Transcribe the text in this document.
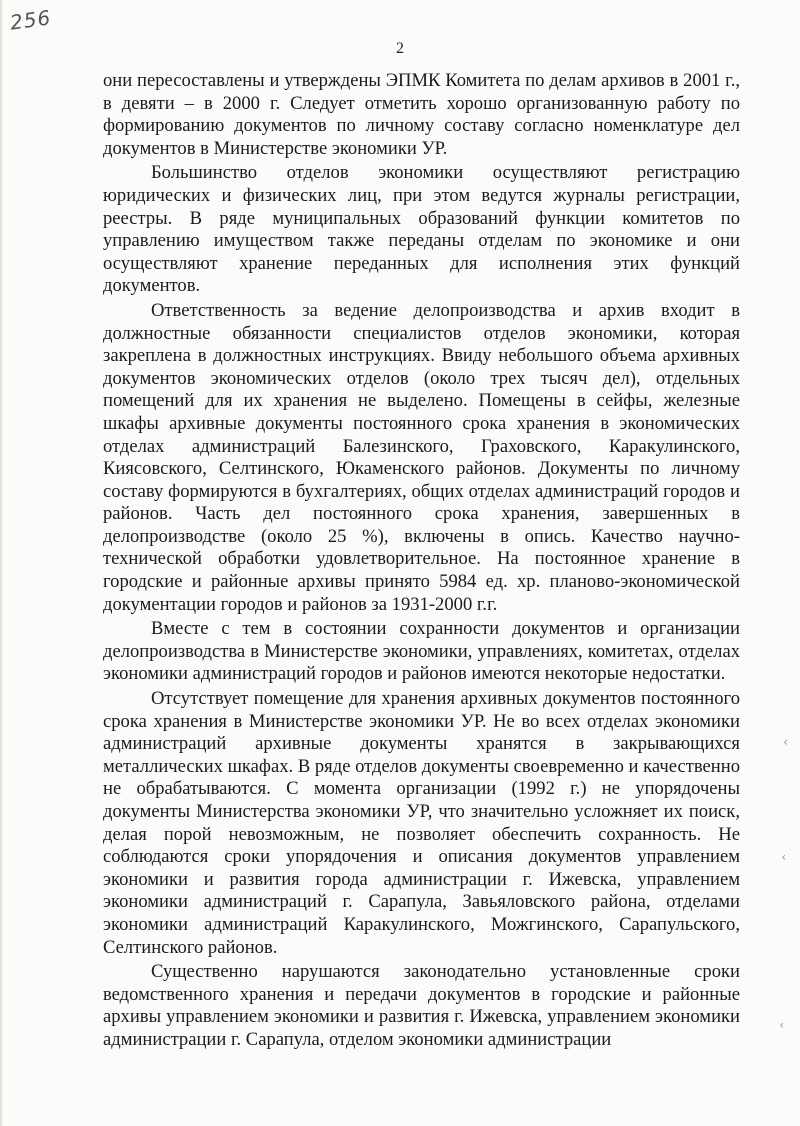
256
2

они пересоставлены и утверждены ЭПМК Комитета по делам архивов в 2001 г., в девяти – в 2000 г. Следует отметить хорошо организованную работу по формированию документов по личному составу согласно номенклатуре дел документов в Министерстве экономики УР.

Большинство отделов экономики осуществляют регистрацию юридических и физических лиц, при этом ведутся журналы регистрации, реестры. В ряде муниципальных образований функции комитетов по управлению имуществом также переданы отделам по экономике и они осуществляют хранение переданных для исполнения этих функций документов.

Ответственность за ведение делопроизводства и архив входит в должностные обязанности специалистов отделов экономики, которая закреплена в должностных инструкциях. Ввиду небольшого объема архивных документов экономических отделов (около трех тысяч дел), отдельных помещений для их хранения не выделено. Помещены в сейфы, железные шкафы архивные документы постоянного срока хранения в экономических отделах администраций Балезинского, Граховского, Каракулинского, Киясовского, Селтинского, Юкаменского районов. Документы по личному составу формируются в бухгалтериях, общих отделах администраций городов и районов. Часть дел постоянного срока хранения, завершенных в делопроизводстве (около 25 %), включены в опись. Качество научно-технической обработки удовлетворительное. На постоянное хранение в городские и районные архивы принято 5984 ед. хр. планово-экономической документации городов и районов за 1931-2000 г.г.

Вместе с тем в состоянии сохранности документов и организации делопроизводства в Министерстве экономики, управлениях, комитетах, отделах экономики администраций городов и районов имеются некоторые недостатки.

Отсутствует помещение для хранения архивных документов постоянного срока хранения в Министерстве экономики УР. Не во всех отделах экономики администраций архивные документы хранятся в закрывающихся металлических шкафах. В ряде отделов документы своевременно и качественно не обрабатываются. С момента организации (1992 г.) не упорядочены документы Министерства экономики УР, что значительно усложняет их поиск, делая порой невозможным, не позволяет обеспечить сохранность. Не соблюдаются сроки упорядочения и описания документов управлением экономики и развития города администрации г. Ижевска, управлением экономики администраций г. Сарапула, Завьяловского района, отделами экономики администраций Каракулинского, Можгинского, Сарапульского, Селтинского районов.

Существенно нарушаются законодательно установленные сроки ведомственного хранения и передачи документов в городские и районные архивы управлением экономики и развития г. Ижевска, управлением экономики администрации г. Сарапула, отделом экономики администрации

‹
‹
‹
